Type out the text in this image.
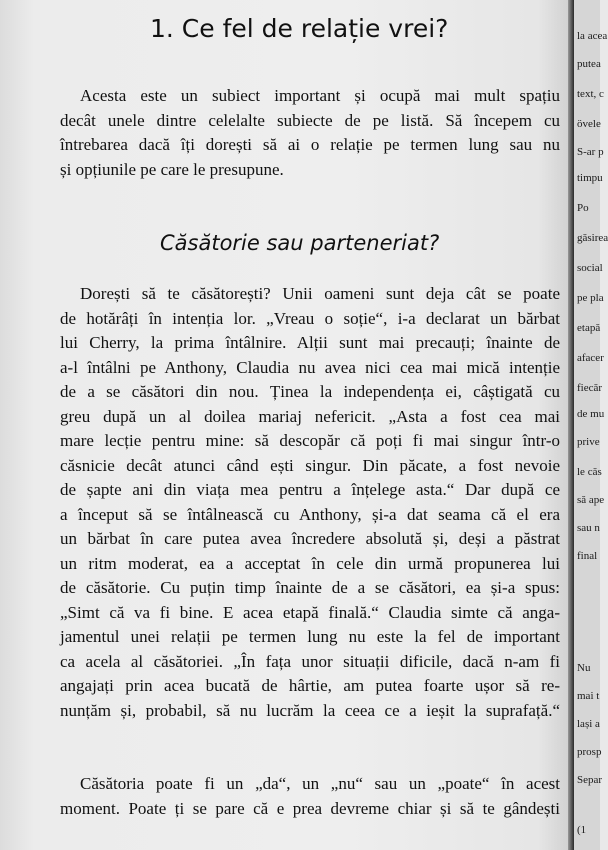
1. Ce fel de relație vrei?
Acesta este un subiect important și ocupă mai mult spațiu
decât unele dintre celelalte subiecte de pe listă. Să începem cu
întrebarea dacă îți dorești să ai o relație pe termen lung sau nu
și opțiunile pe care le presupune.
Căsătorie sau parteneriat?
Dorești să te căsătorești? Unii oameni sunt deja cât se poate
de hotărâți în intenția lor. „Vreau o soție“, i-a declarat un bărbat
lui Cherry, la prima întâlnire. Alții sunt mai precauți; înainte de
a-l întâlni pe Anthony, Claudia nu avea nici cea mai mică intenție
de a se căsători din nou. Ținea la independența ei, câștigată cu
greu după un al doilea mariaj nefericit. „Asta a fost cea mai
mare lecție pentru mine: să descopăr că poți fi mai singur într-o
căsnicie decât atunci când ești singur. Din păcate, a fost nevoie
de șapte ani din viața mea pentru a înțelege asta.“ Dar după ce
a început să se întâlnească cu Anthony, și-a dat seama că el era
un bărbat în care putea avea încredere absolută și, deși a păstrat
un ritm moderat, ea a acceptat în cele din urmă propunerea lui
de căsătorie. Cu puțin timp înainte de a se căsători, ea și-a spus:
„Simt că va fi bine. E acea etapă finală.“ Claudia simte că anga-
jamentul unei relații pe termen lung nu este la fel de important
ca acela al căsătoriei. „În fața unor situații dificile, dacă n-am fi
angajați prin acea bucată de hârtie, am putea foarte ușor să re-
nunțăm și, probabil, să nu lucrăm la ceea ce a ieșit la suprafață.“
Căsătoria poate fi un „da“, un „nu“ sau un „poate“ în acest
moment. Poate ți se pare că e prea devreme chiar și să te gândești
la acea
putea
text, c
övele
S-ar p
timpu
Po
găsirea
social
pe pla
etapă
afacer
fiecăr
de mu
prive
le căs
să ape
sau n
final
Nu
mai t
lași a
prosp
Separ
(1
